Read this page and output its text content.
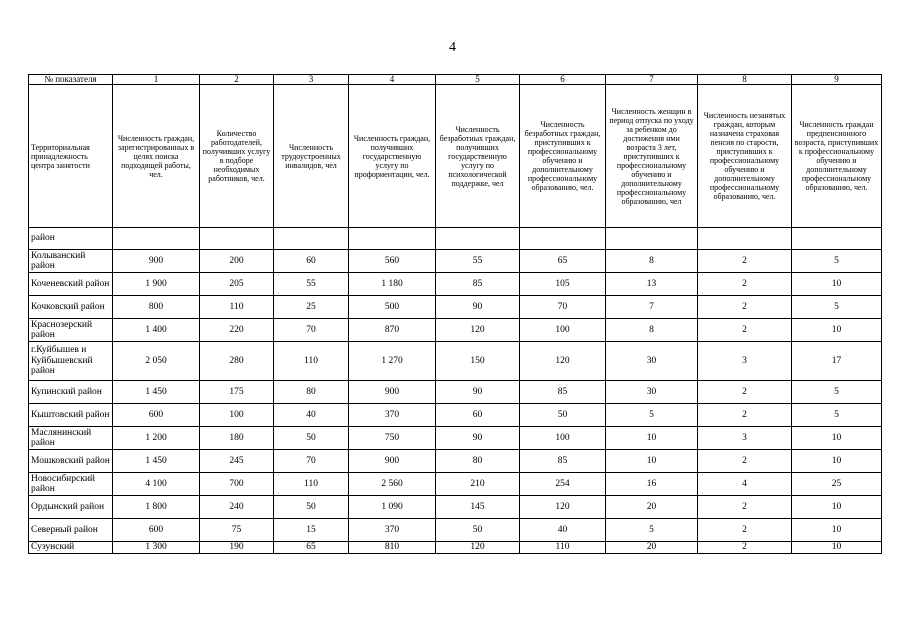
4
№ показателя	1	2	3	4	5	6	7	8	9
Территориальная принадлежность центра занятости	Численность граждан, зарегистрированных в целях поиска подходящей работы, чел.	Количество работодателей, получивших услугу в подборе необходимых работников, чел.	Численность трудоустроенных инвалидов, чел	Численность граждан, получивших государственную услугу по профориентации, чел.	Численность безработных граждан, получивших государственную услугу по психологической поддержке, чел	Численность безработных граждан, приступивших к профессиональному обучению и дополнительному профессиональному образованию, чел.	Численность женщин в период отпуска по уходу за ребенком до достижения ими возраста 3 лет, приступивших к профессиональному обучению и дополнительному профессиональному образованию, чел	Численность незанятых граждан, которым назначена страховая пенсия по старости, приступивших к профессиональному обучению и дополнительному профессиональному образованию, чел.	Численность граждан предпенсионного возраста, приступивших к профессиональному обучению и дополнительному профессиональному образованию, чел.
район									
Колыванский район	900	200	60	560	55	65	8	2	5
Коченевский район	1 900	205	55	1 180	85	105	13	2	10
Кочковский район	800	110	25	500	90	70	7	2	5
Краснозерский район	1 400	220	70	870	120	100	8	2	10
г.Куйбышев и Куйбышевский район	2 050	280	110	1 270	150	120	30	3	17
Купинский район	1 450	175	80	900	90	85	30	2	5
Кыштовский район	600	100	40	370	60	50	5	2	5
Маслянинский район	1 200	180	50	750	90	100	10	3	10
Мошковский район	1 450	245	70	900	80	85	10	2	10
Новосибирский район	4 100	700	110	2 560	210	254	16	4	25
Ордынский район	1 800	240	50	1 090	145	120	20	2	10
Северный район	600	75	15	370	50	40	5	2	10
Сузунский	1 300	190	65	810	120	110	20	2	10
